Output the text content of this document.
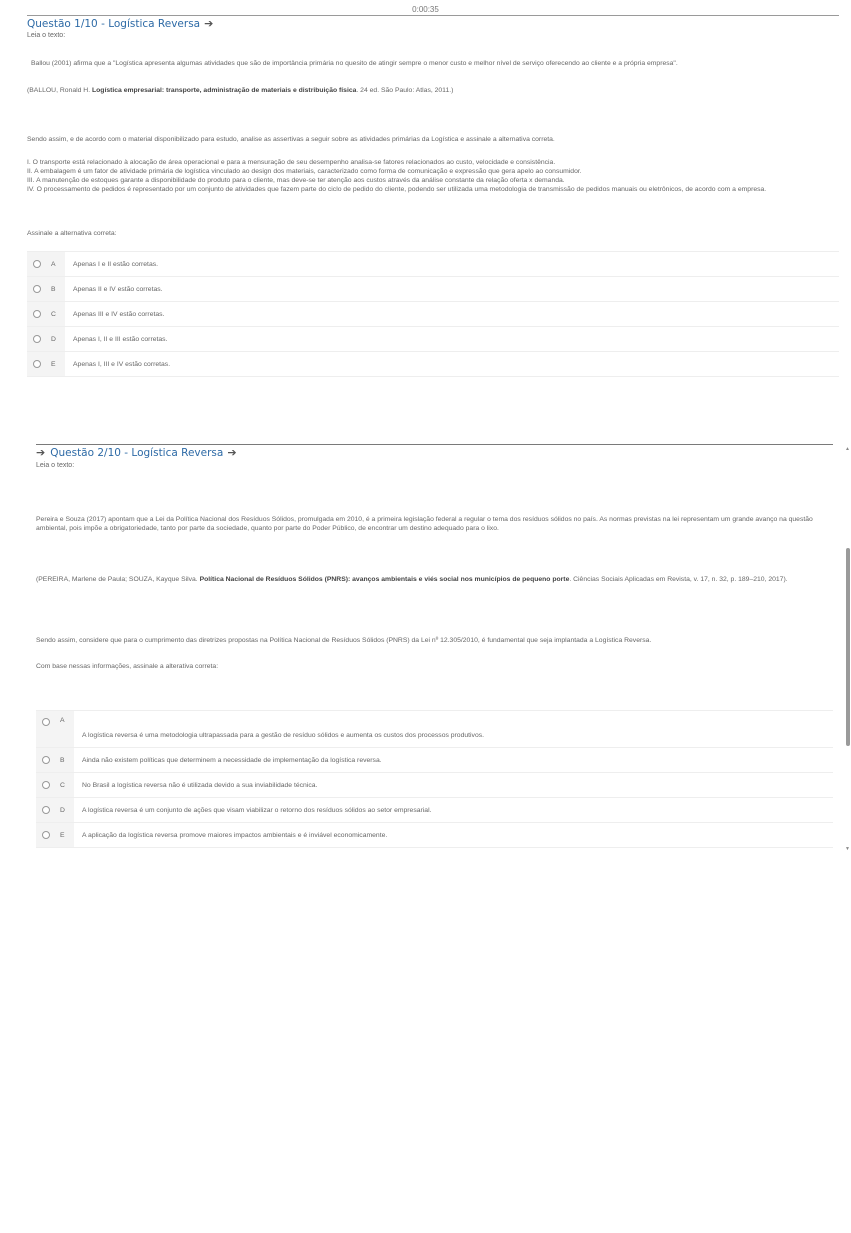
0:00:35
Questão 1/10 - Logística Reversa ➔
Leia o texto:
Ballou (2001) afirma que a "Logística apresenta algumas atividades que são de importância primária no quesito de atingir sempre o menor custo e melhor nível de serviço oferecendo ao cliente e a própria empresa".
(BALLOU, Ronald H. Logística empresarial: transporte, administração de materiais e distribuição física. 24 ed. São Paulo: Atlas, 2011.)
Sendo assim, e de acordo com o material disponibilizado para estudo, analise as assertivas a seguir sobre as atividades primárias da Logística e assinale a alternativa correta.
I. O transporte está relacionado à alocação de área operacional e para a mensuração de seu desempenho analisa-se fatores relacionados ao custo, velocidade e consistência.
II. A embalagem é um fator de atividade primária de logística vinculado ao design dos materiais, caracterizado como forma de comunicação e expressão que gera apelo ao consumidor.
III. A manutenção de estoques garante a disponibilidade do produto para o cliente, mas deve-se ter atenção aos custos através da análise constante da relação oferta x demanda.
IV. O processamento de pedidos é representado por um conjunto de atividades que fazem parte do ciclo de pedido do cliente, podendo ser utilizada uma metodologia de transmissão de pedidos manuais ou eletrônicos, de acordo com a empresa.
Assinale a alternativa correta:
A	Apenas I e II estão corretas.
B	Apenas II e IV estão corretas.
C	Apenas III e IV estão corretas.
D	Apenas I, II e III estão corretas.
E	Apenas I, III e IV estão corretas.
➔ Questão 2/10 - Logística Reversa ➔
Leia o texto:
Pereira e Souza (2017) apontam que a Lei da Política Nacional dos Resíduos Sólidos, promulgada em 2010, é a primeira legislação federal a regular o tema dos resíduos sólidos no país. As normas previstas na lei representam um grande avanço na questão ambiental, pois impõe a obrigatoriedade, tanto por parte da sociedade, quanto por parte do Poder Público, de encontrar um destino adequado para o lixo.
(PEREIRA, Marlene de Paula; SOUZA, Kayque Silva. Política Nacional de Resíduos Sólidos (PNRS): avanços ambientais e viés social nos municípios de pequeno porte. Ciências Sociais Aplicadas em Revista, v. 17, n. 32, p. 189–210, 2017).
Sendo assim, considere que para o cumprimento das diretrizes propostas na Política Nacional de Resíduos Sólidos (PNRS) da Lei nº 12.305/2010, é fundamental que seja implantada a Logística Reversa.
Com base nessas informações, assinale a alterativa correta:
A
A logística reversa é uma metodologia ultrapassada para a gestão de resíduo sólidos e aumenta os custos dos processos produtivos.
B	Ainda não existem políticas que determinem a necessidade de implementação da logística reversa.
C	No Brasil a logística reversa não é utilizada devido a sua inviabilidade técnica.
D	A logística reversa é um conjunto de ações que visam viabilizar o retorno dos resíduos sólidos ao setor empresarial.
E	A aplicação da logística reversa promove maiores impactos ambientais e é inviável economicamente.
▲
▼
